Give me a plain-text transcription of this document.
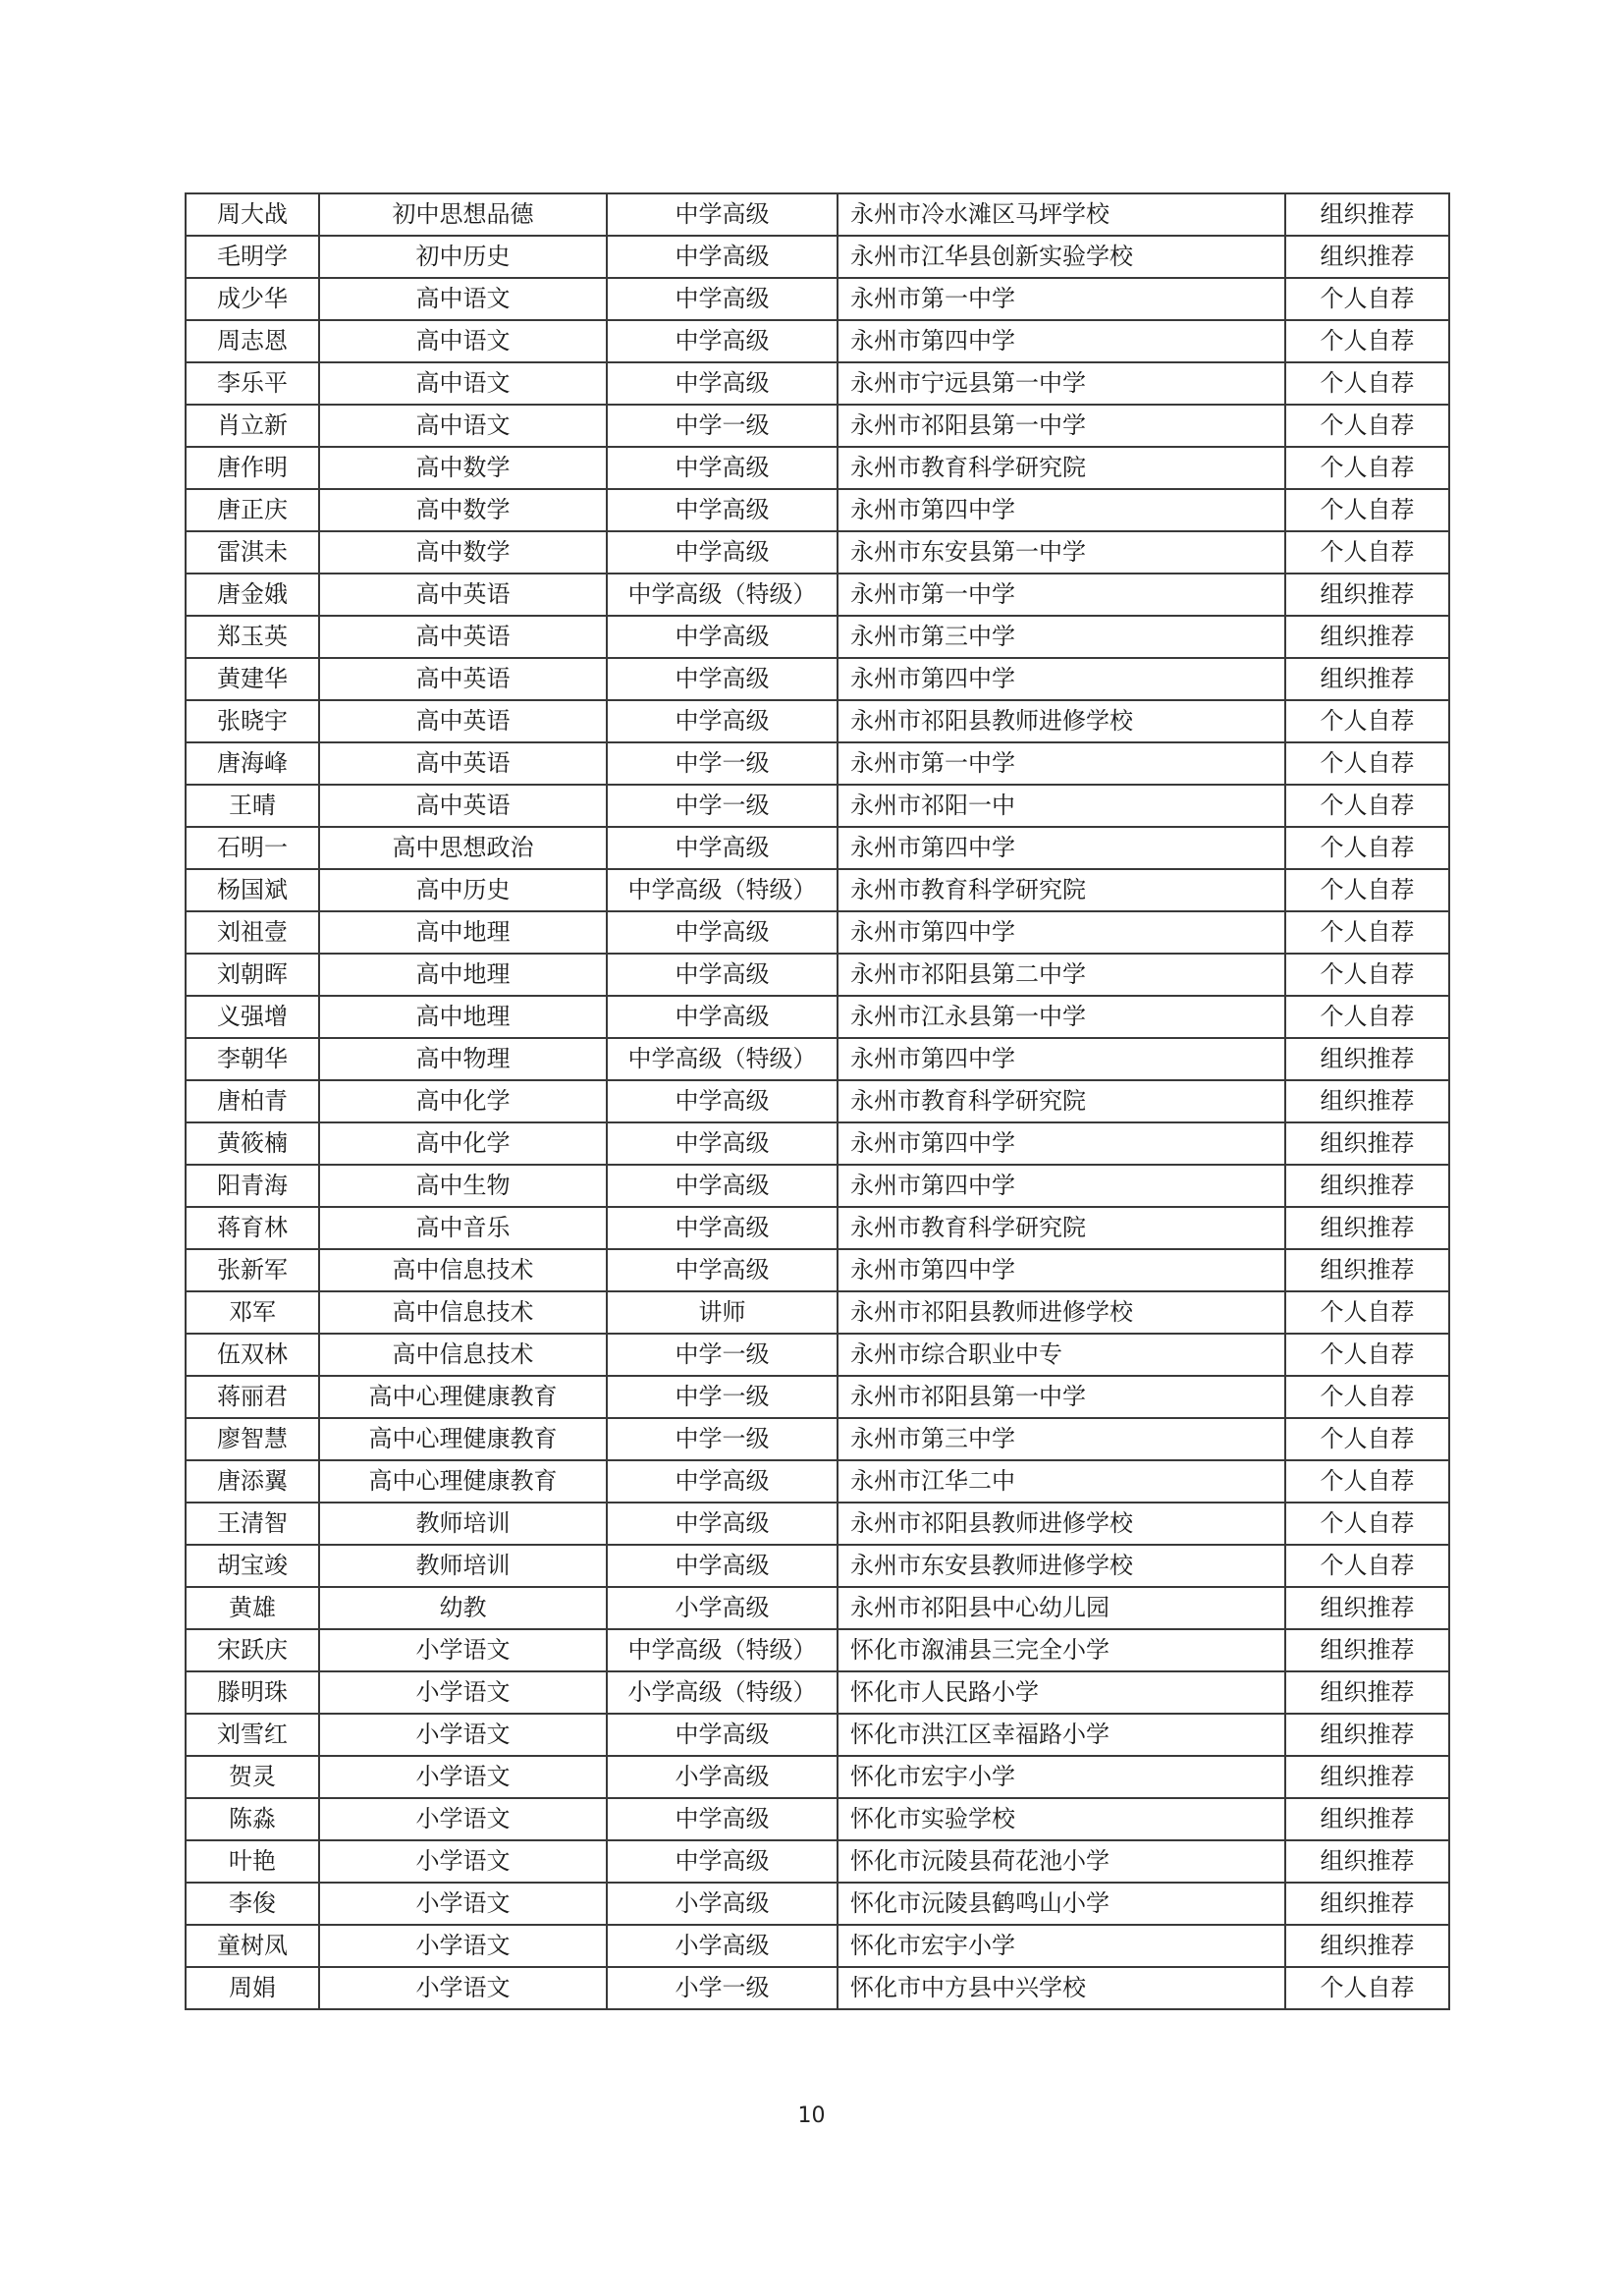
周大战	初中思想品德	中学高级	永州市冷水滩区马坪学校	组织推荐
毛明学	初中历史	中学高级	永州市江华县创新实验学校	组织推荐
成少华	高中语文	中学高级	永州市第一中学	个人自荐
周志恩	高中语文	中学高级	永州市第四中学	个人自荐
李乐平	高中语文	中学高级	永州市宁远县第一中学	个人自荐
肖立新	高中语文	中学一级	永州市祁阳县第一中学	个人自荐
唐作明	高中数学	中学高级	永州市教育科学研究院	个人自荐
唐正庆	高中数学	中学高级	永州市第四中学	个人自荐
雷淇未	高中数学	中学高级	永州市东安县第一中学	个人自荐
唐金娥	高中英语	中学高级（特级）	永州市第一中学	组织推荐
郑玉英	高中英语	中学高级	永州市第三中学	组织推荐
黄建华	高中英语	中学高级	永州市第四中学	组织推荐
张晓宇	高中英语	中学高级	永州市祁阳县教师进修学校	个人自荐
唐海峰	高中英语	中学一级	永州市第一中学	个人自荐
王晴	高中英语	中学一级	永州市祁阳一中	个人自荐
石明一	高中思想政治	中学高级	永州市第四中学	个人自荐
杨国斌	高中历史	中学高级（特级）	永州市教育科学研究院	个人自荐
刘祖壹	高中地理	中学高级	永州市第四中学	个人自荐
刘朝晖	高中地理	中学高级	永州市祁阳县第二中学	个人自荐
义强增	高中地理	中学高级	永州市江永县第一中学	个人自荐
李朝华	高中物理	中学高级（特级）	永州市第四中学	组织推荐
唐柏青	高中化学	中学高级	永州市教育科学研究院	组织推荐
黄筱楠	高中化学	中学高级	永州市第四中学	组织推荐
阳青海	高中生物	中学高级	永州市第四中学	组织推荐
蒋育林	高中音乐	中学高级	永州市教育科学研究院	组织推荐
张新军	高中信息技术	中学高级	永州市第四中学	组织推荐
邓军	高中信息技术	讲师	永州市祁阳县教师进修学校	个人自荐
伍双林	高中信息技术	中学一级	永州市综合职业中专	个人自荐
蒋丽君	高中心理健康教育	中学一级	永州市祁阳县第一中学	个人自荐
廖智慧	高中心理健康教育	中学一级	永州市第三中学	个人自荐
唐添翼	高中心理健康教育	中学高级	永州市江华二中	个人自荐
王清智	教师培训	中学高级	永州市祁阳县教师进修学校	个人自荐
胡宝竣	教师培训	中学高级	永州市东安县教师进修学校	个人自荐
黄雄	幼教	小学高级	永州市祁阳县中心幼儿园	组织推荐
宋跃庆	小学语文	中学高级（特级）	怀化市溆浦县三完全小学	组织推荐
滕明珠	小学语文	小学高级（特级）	怀化市人民路小学	组织推荐
刘雪红	小学语文	中学高级	怀化市洪江区幸福路小学	组织推荐
贺灵	小学语文	小学高级	怀化市宏宇小学	组织推荐
陈淼	小学语文	中学高级	怀化市实验学校	组织推荐
叶艳	小学语文	中学高级	怀化市沅陵县荷花池小学	组织推荐
李俊	小学语文	小学高级	怀化市沅陵县鹤鸣山小学	组织推荐
童树凤	小学语文	小学高级	怀化市宏宇小学	组织推荐
周娟	小学语文	小学一级	怀化市中方县中兴学校	个人自荐
10
